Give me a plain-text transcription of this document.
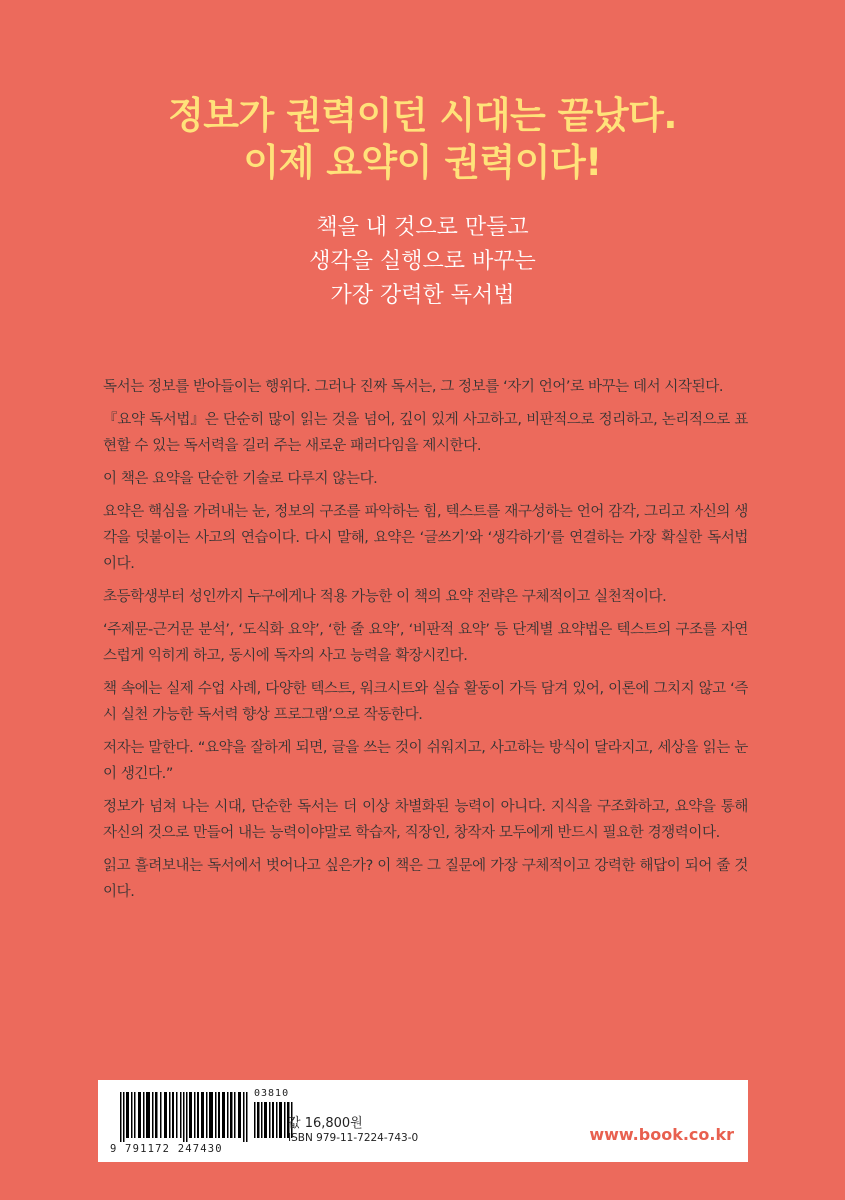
정보가 권력이던 시대는 끝났다.
이제 요약이 권력이다!
책을 내 것으로 만들고
생각을 실행으로 바꾸는
가장 강력한 독서법

독서는 정보를 받아들이는 행위다. 그러나 진짜 독서는, 그 정보를 ‘자기 언어’로 바꾸는 데서 시작된다.

『요약 독서법』은 단순히 많이 읽는 것을 넘어, 깊이 있게 사고하고, 비판적으로 정리하고, 논리적으로 표현할 수 있는 독서력을 길러 주는 새로운 패러다임을 제시한다.

이 책은 요약을 단순한 기술로 다루지 않는다.

요약은 핵심을 가려내는 눈, 정보의 구조를 파악하는 힘, 텍스트를 재구성하는 언어 감각, 그리고 자신의 생각을 덧붙이는 사고의 연습이다. 다시 말해, 요약은 ‘글쓰기’와 ‘생각하기’를 연결하는 가장 확실한 독서법이다.

초등학생부터 성인까지 누구에게나 적용 가능한 이 책의 요약 전략은 구체적이고 실천적이다.

‘주제문-근거문 분석’, ‘도식화 요약’, ‘한 줄 요약’, ‘비판적 요약’ 등 단계별 요약법은 텍스트의 구조를 자연스럽게 익히게 하고, 동시에 독자의 사고 능력을 확장시킨다.

책 속에는 실제 수업 사례, 다양한 텍스트, 워크시트와 실습 활동이 가득 담겨 있어, 이론에 그치지 않고 ‘즉시 실천 가능한 독서력 향상 프로그램’으로 작동한다.

저자는 말한다. “요약을 잘하게 되면, 글을 쓰는 것이 쉬워지고, 사고하는 방식이 달라지고, 세상을 읽는 눈이 생긴다.”

정보가 넘쳐 나는 시대, 단순한 독서는 더 이상 차별화된 능력이 아니다. 지식을 구조화하고, 요약을 통해 자신의 것으로 만들어 내는 능력이야말로 학습자, 직장인, 창작자 모두에게 반드시 필요한 경쟁력이다.

읽고 흘려보내는 독서에서 벗어나고 싶은가? 이 책은 그 질문에 가장 구체적이고 강력한 해답이 되어 줄 것이다.

03810
9 791172 247430
값 16,800원
ISBN 979-11-7224-743-0	www.book.co.kr
